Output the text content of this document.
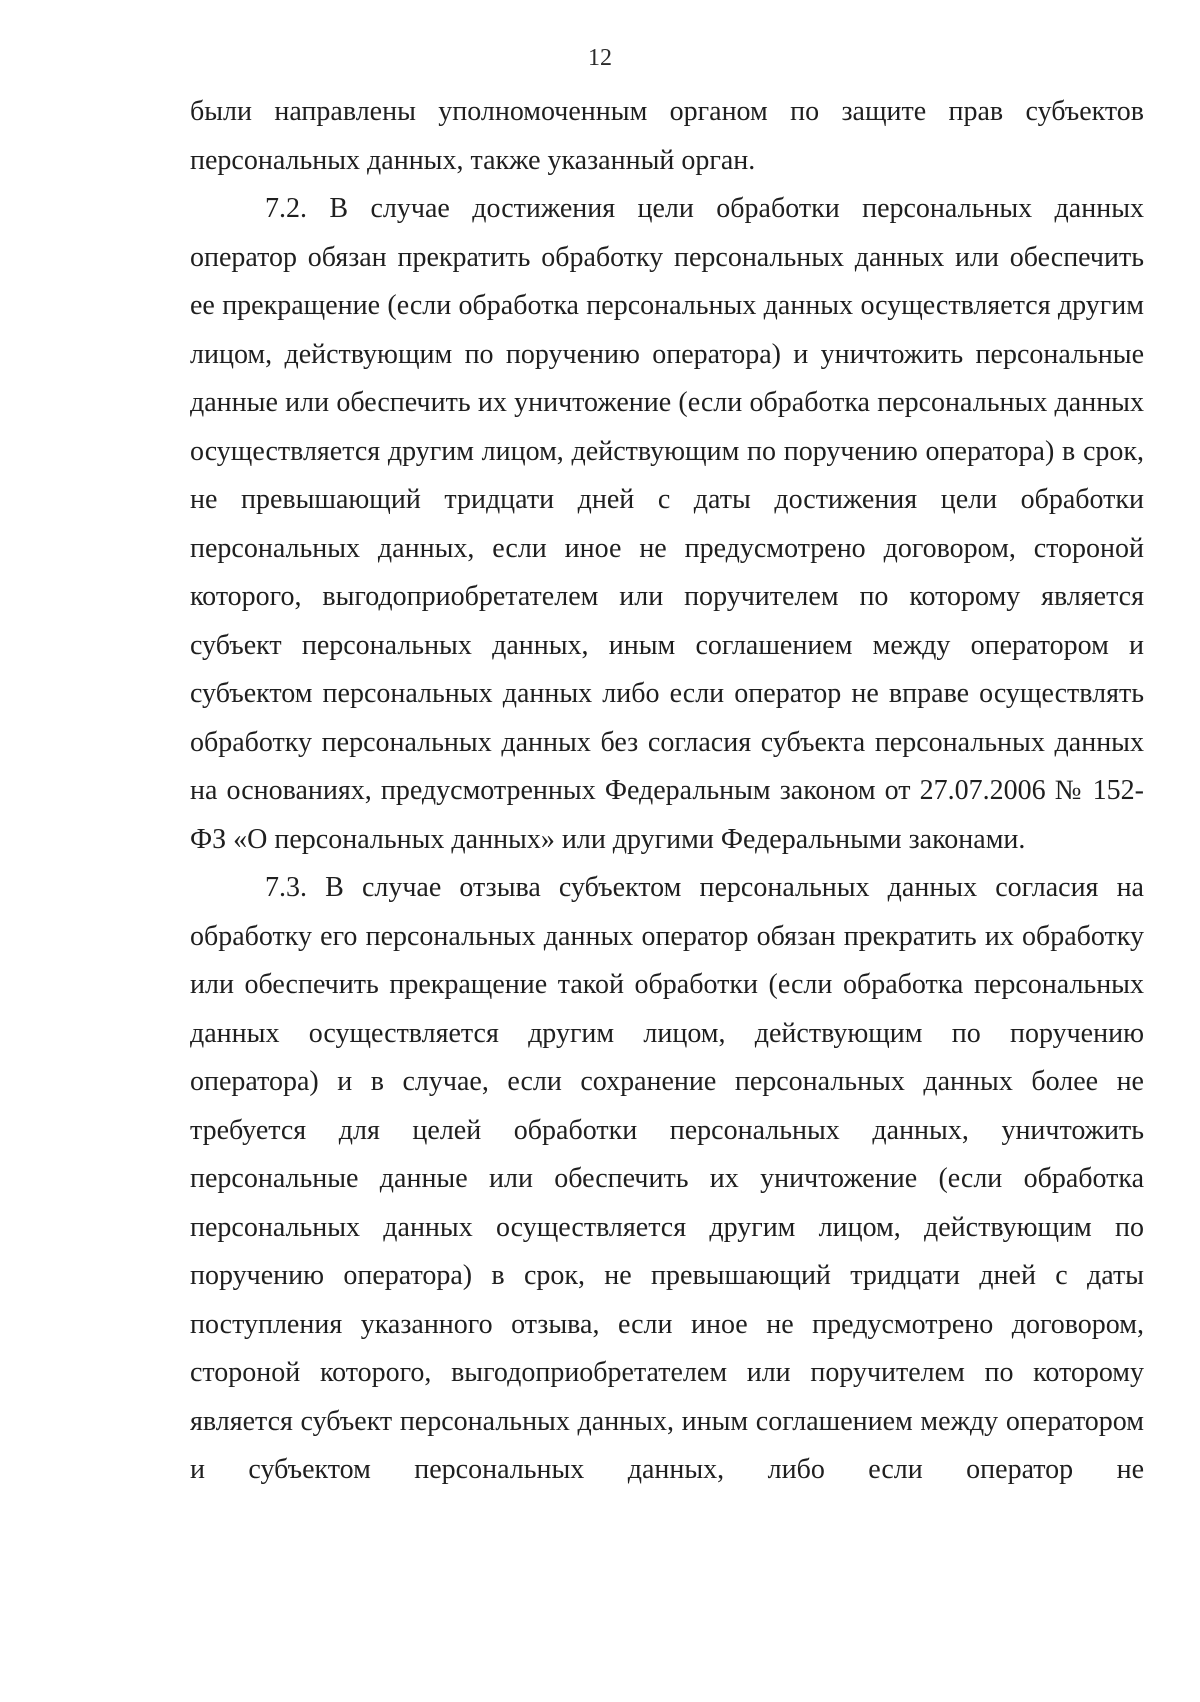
12

были направлены уполномоченным органом по защите прав субъектов персональных данных, также указанный орган.

7.2. В случае достижения цели обработки персональных данных оператор обязан прекратить обработку персональных данных или обеспечить ее прекращение (если обработка персональных данных осуществляется другим лицом, действующим по поручению оператора) и уничтожить персональные данные или обеспечить их уничтожение (если обработка персональных данных осуществляется другим лицом, действующим по поручению оператора) в срок, не превышающий тридцати дней с даты достижения цели обработки персональных данных, если иное не предусмотрено договором, стороной которого, выгодоприобретателем или поручителем по которому является субъект персональных данных, иным соглашением между оператором и субъектом персональных данных либо если оператор не вправе осуществлять обработку персональных данных без согласия субъекта персональных данных на основаниях, предусмотренных Федеральным законом от 27.07.2006 № 152-ФЗ «О персональных данных» или другими Федеральными законами.

7.3. В случае отзыва субъектом персональных данных согласия на обработку его персональных данных оператор обязан прекратить их обработку или обеспечить прекращение такой обработки (если обработка персональных данных осуществляется другим лицом, действующим по поручению оператора) и в случае, если сохранение персональных данных более не требуется для целей обработки персональных данных, уничтожить персональные данные или обеспечить их уничтожение (если обработка персональных данных осуществляется другим лицом, действующим по поручению оператора) в срок, не превышающий тридцати дней с даты поступления указанного отзыва, если иное не предусмотрено договором, стороной которого, выгодоприобретателем или поручителем по которому является субъект персональных данных, иным соглашением между оператором и субъектом персональных данных, либо если оператор не
